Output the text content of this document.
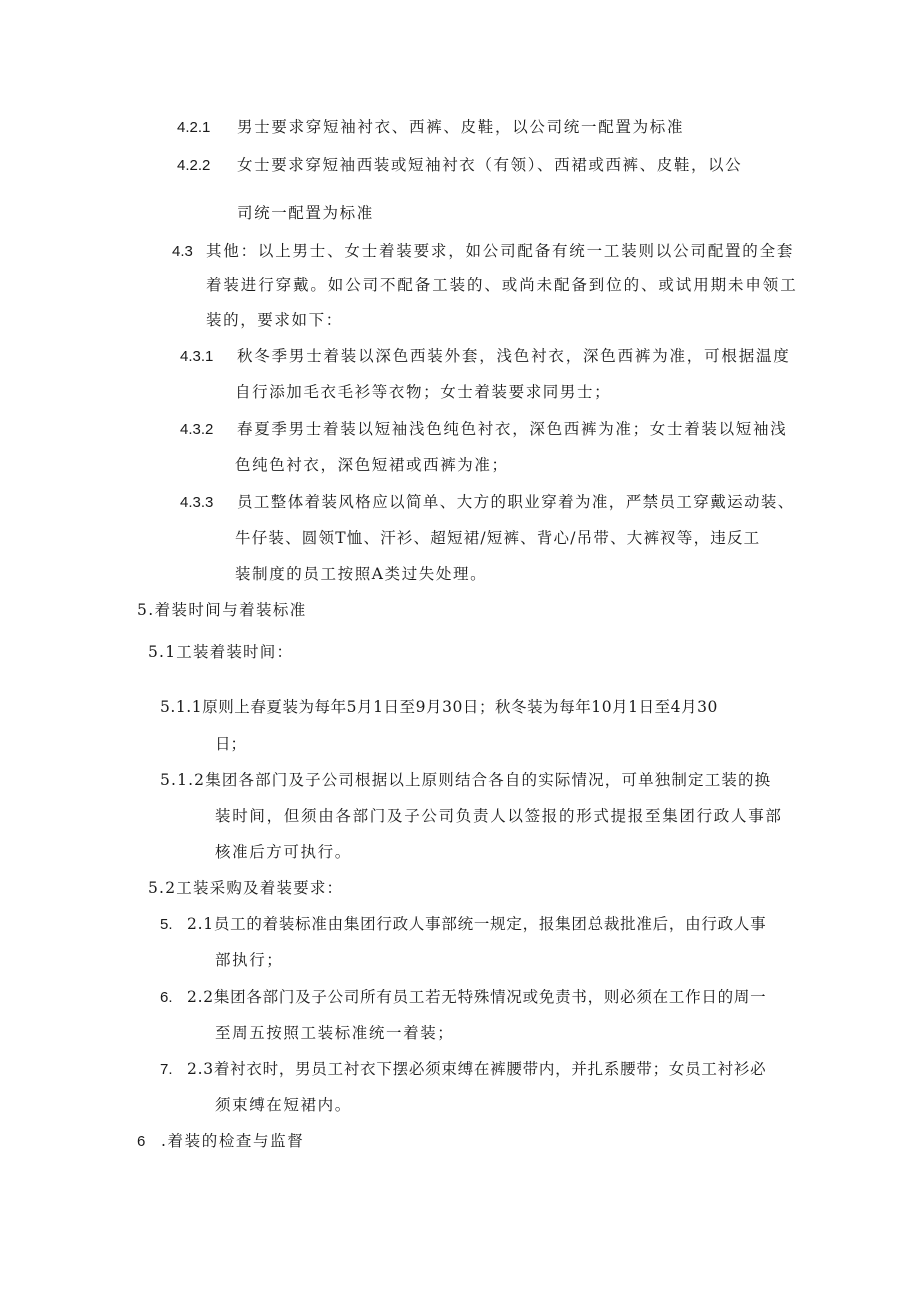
4.2.1 男士要求穿短袖衬衣、西裤、皮鞋，以公司统一配置为标准
4.2.2 女士要求穿短袖西装或短袖衬衣（有领）、西裙或西裤、皮鞋，以公
司统一配置为标准
4.3 其他：以上男士、女士着装要求，如公司配备有统一工装则以公司配置的全套
着装进行穿戴。如公司不配备工装的、或尚未配备到位的、或试用期未申领工
装的，要求如下：
4.3.1 秋冬季男士着装以深色西装外套，浅色衬衣，深色西裤为准，可根据温度
自行添加毛衣毛衫等衣物；女士着装要求同男士；
4.3.2 春夏季男士着装以短袖浅色纯色衬衣，深色西裤为准；女士着装以短袖浅
色纯色衬衣，深色短裙或西裤为准；
4.3.3 员工整体着装风格应以简单、大方的职业穿着为准，严禁员工穿戴运动装、
牛仔装、圆领T恤、汗衫、超短裙/短裤、背心/吊带、大裤衩等，违反工
装制度的员工按照A类过失处理。
5.着装时间与着装标准
5.1工装着装时间：
5.1.1原则上春夏装为每年5月1日至9月30日；秋冬装为每年10月1日至4月30
日；
5.1.2集团各部门及子公司根据以上原则结合各自的实际情况，可单独制定工装的换
装时间，但须由各部门及子公司负责人以签报的形式提报至集团行政人事部
核准后方可执行。
5.2工装采购及着装要求：
5. 2.1员工的着装标准由集团行政人事部统一规定，报集团总裁批准后，由行政人事
部执行；
6. 2.2集团各部门及子公司所有员工若无特殊情况或免责书，则必须在工作日的周一
至周五按照工装标准统一着装；
7. 2.3着衬衣时，男员工衬衣下摆必须束缚在裤腰带内，并扎系腰带；女员工衬衫必
须束缚在短裙内。
6 .着装的检查与监督
